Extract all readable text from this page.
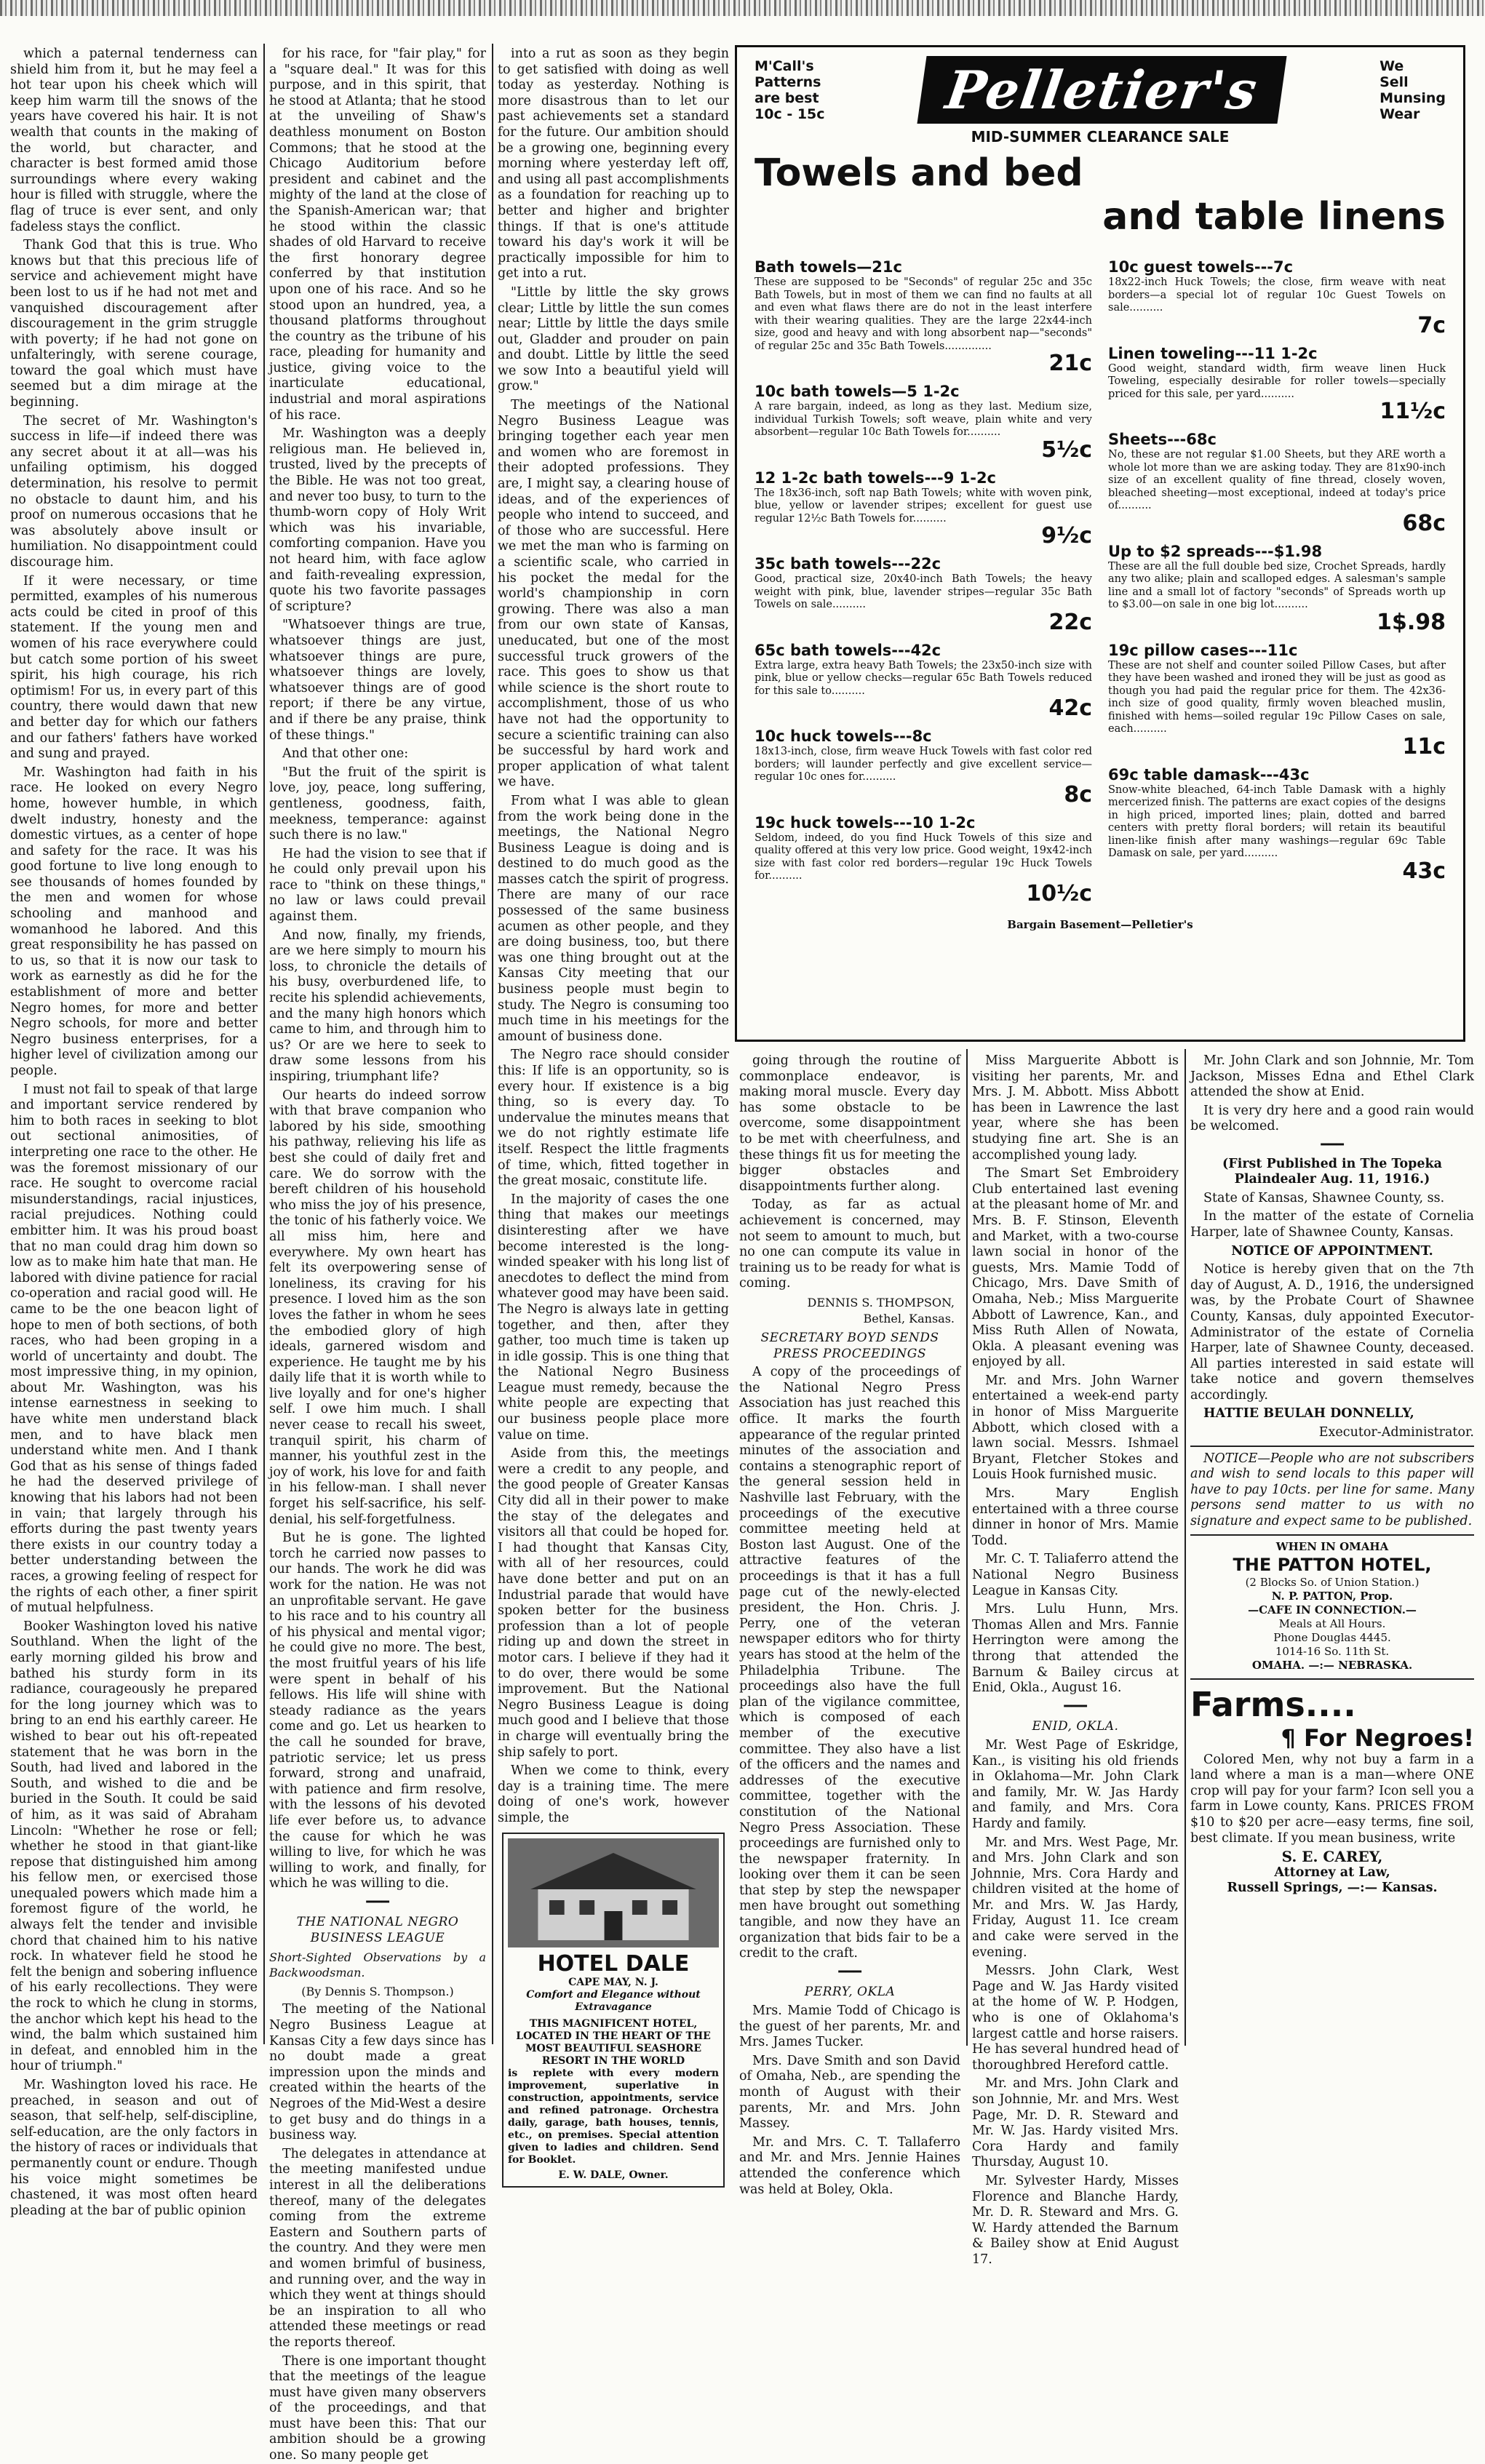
which a paternal tenderness can shield him from it, but he may feel a hot tear upon his cheek which will keep him warm till the snows of the years have covered his hair. It is not wealth that counts in the making of the world, but character, and character is best formed amid those surroundings where every waking hour is filled with struggle, where the flag of truce is ever sent, and only fadeless stays the conflict.

Thank God that this is true. Who knows but that this precious life of service and achievement might have been lost to us if he had not met and vanquished discouragement after discouragement in the grim struggle with poverty; if he had not gone on unfalteringly, with serene courage, toward the goal which must have seemed but a dim mirage at the beginning.

The secret of Mr. Washington's success in life—if indeed there was any secret about it at all—was his unfailing optimism, his dogged determination, his resolve to permit no obstacle to daunt him, and his proof on numerous occasions that he was absolutely above insult or humiliation. No disappointment could discourage him.

If it were necessary, or time permitted, examples of his numerous acts could be cited in proof of this statement. If the young men and women of his race everywhere could but catch some portion of his sweet spirit, his high courage, his rich optimism! For us, in every part of this country, there would dawn that new and better day for which our fathers and our fathers' fathers have worked and sung and prayed.

Mr. Washington had faith in his race. He looked on every Negro home, however humble, in which dwelt industry, honesty and the domestic virtues, as a center of hope and safety for the race. It was his good fortune to live long enough to see thousands of homes founded by the men and women for whose schooling and manhood and womanhood he labored. And this great responsibility he has passed on to us, so that it is now our task to work as earnestly as did he for the establishment of more and better Negro homes, for more and better Negro schools, for more and better Negro business enterprises, for a higher level of civilization among our people.

I must not fail to speak of that large and important service rendered by him to both races in seeking to blot out sectional animosities, of interpreting one race to the other. He was the foremost missionary of our race. He sought to overcome racial misunderstandings, racial injustices, racial prejudices. Nothing could embitter him. It was his proud boast that no man could drag him down so low as to make him hate that man. He labored with divine patience for racial co-operation and racial good will. He came to be the one beacon light of hope to men of both sections, of both races, who had been groping in a world of uncertainty and doubt. The most impressive thing, in my opinion, about Mr. Washington, was his intense earnestness in seeking to have white men understand black men, and to have black men understand white men. And I thank God that as his sense of things faded he had the deserved privilege of knowing that his labors had not been in vain; that largely through his efforts during the past twenty years there exists in our country today a better understanding between the races, a growing feeling of respect for the rights of each other, a finer spirit of mutual helpfulness.

Booker Washington loved his native Southland. When the light of the early morning gilded his brow and bathed his sturdy form in its radiance, courageously he prepared for the long journey which was to bring to an end his earthly career. He wished to bear out his oft-repeated statement that he was born in the South, had lived and labored in the South, and wished to die and be buried in the South. It could be said of him, as it was said of Abraham Lincoln: "Whether he rose or fell; whether he stood in that giant-like repose that distinguished him among his fellow men, or exercised those unequaled powers which made him a foremost figure of the world, he always felt the tender and invisible chord that chained him to his native rock. In whatever field he stood he felt the benign and sobering influence of his early recollections. They were the rock to which he clung in storms, the anchor which kept his head to the wind, the balm which sustained him in defeat, and ennobled him in the hour of triumph."

Mr. Washington loved his race. He preached, in season and out of season, that self-help, self-discipline, self-education, are the only factors in the history of races or individuals that permanently count or endure. Though his voice might sometimes be chastened, it was most often heard pleading at the bar of public opinion

for his race, for "fair play," for a "square deal." It was for this purpose, and in this spirit, that he stood at Atlanta; that he stood at the unveiling of Shaw's deathless monument on Boston Commons; that he stood at the Chicago Auditorium before president and cabinet and the mighty of the land at the close of the Spanish-American war; that he stood within the classic shades of old Harvard to receive the first honorary degree conferred by that institution upon one of his race. And so he stood upon an hundred, yea, a thousand platforms throughout the country as the tribune of his race, pleading for humanity and justice, giving voice to the inarticulate educational, industrial and moral aspirations of his race.

Mr. Washington was a deeply religious man. He believed in, trusted, lived by the precepts of the Bible. He was not too great, and never too busy, to turn to the thumb-worn copy of Holy Writ which was his invariable, comforting companion. Have you not heard him, with face aglow and faith-revealing expression, quote his two favorite passages of scripture?

"Whatsoever things are true, whatsoever things are just, whatsoever things are pure, whatsoever things are lovely, whatsoever things are of good report; if there be any virtue, and if there be any praise, think of these things."

And that other one:

"But the fruit of the spirit is love, joy, peace, long suffering, gentleness, goodness, faith, meekness, temperance: against such there is no law."

He had the vision to see that if he could only prevail upon his race to "think on these things," no law or laws could prevail against them.

And now, finally, my friends, are we here simply to mourn his loss, to chronicle the details of his busy, overburdened life, to recite his splendid achievements, and the many high honors which came to him, and through him to us? Or are we here to seek to draw some lessons from his inspiring, triumphant life?

Our hearts do indeed sorrow with that brave companion who labored by his side, smoothing his pathway, relieving his life as best she could of daily fret and care. We do sorrow with the bereft children of his household who miss the joy of his presence, the tonic of his fatherly voice. We all miss him, here and everywhere. My own heart has felt its overpowering sense of loneliness, its craving for his presence. I loved him as the son loves the father in whom he sees the embodied glory of high ideals, garnered wisdom and experience. He taught me by his daily life that it is worth while to live loyally and for one's higher self. I owe him much. I shall never cease to recall his sweet, tranquil spirit, his charm of manner, his youthful zest in the joy of work, his love for and faith in his fellow-man. I shall never forget his self-sacrifice, his self-denial, his self-forgetfulness.

But he is gone. The lighted torch he carried now passes to our hands. The work he did was work for the nation. He was not an unprofitable servant. He gave to his race and to his country all of his physical and mental vigor; he could give no more. The best, the most fruitful years of his life were spent in behalf of his fellows. His life will shine with steady radiance as the years come and go. Let us hearken to the call he sounded for brave, patriotic service; let us press forward, strong and unafraid, with patience and firm resolve, with the lessons of his devoted life ever before us, to advance the cause for which he was willing to live, for which he was willing to work, and finally, for which he was willing to die.

━━━
THE NATIONAL NEGRO BUSINESS LEAGUE
Short-Sighted Observations by a Backwoodsman.
(By Dennis S. Thompson.)

The meeting of the National Negro Business League at Kansas City a few days since has no doubt made a great impression upon the minds and created within the hearts of the Negroes of the Mid-West a desire to get busy and do things in a business way.

The delegates in attendance at the meeting manifested undue interest in all the deliberations thereof, many of the delegates coming from the extreme Eastern and Southern parts of the country. And they were men and women brimful of business, and running over, and the way in which they went at things should be an inspiration to all who attended these meetings or read the reports thereof.

There is one important thought that the meetings of the league must have given many observers of the proceedings, and that must have been this: That our ambition should be a growing one. So many people get

into a rut as soon as they begin to get satisfied with doing as well today as yesterday. Nothing is more disastrous than to let our past achievements set a standard for the future. Our ambition should be a growing one, beginning every morning where yesterday left off, and using all past accomplishments as a foundation for reaching up to better and higher and brighter things. If that is one's attitude toward his day's work it will be practically impossible for him to get into a rut.

"Little by little the sky grows clear; Little by little the sun comes near; Little by little the days smile out, Gladder and prouder on pain and doubt. Little by little the seed we sow Into a beautiful yield will grow."

The meetings of the National Negro Business League was bringing together each year men and women who are foremost in their adopted professions. They are, I might say, a clearing house of ideas, and of the experiences of people who intend to succeed, and of those who are successful. Here we met the man who is farming on a scientific scale, who carried in his pocket the medal for the world's championship in corn growing. There was also a man from our own state of Kansas, uneducated, but one of the most successful truck growers of the race. This goes to show us that while science is the short route to accomplishment, those of us who have not had the opportunity to secure a scientific training can also be successful by hard work and proper application of what talent we have.

From what I was able to glean from the work being done in the meetings, the National Negro Business League is doing and is destined to do much good as the masses catch the spirit of progress. There are many of our race possessed of the same business acumen as other people, and they are doing business, too, but there was one thing brought out at the Kansas City meeting that our business people must begin to study. The Negro is consuming too much time in his meetings for the amount of business done.

The Negro race should consider this: If life is an opportunity, so is every hour. If existence is a big thing, so is every day. To undervalue the minutes means that we do not rightly estimate life itself. Respect the little fragments of time, which, fitted together in the great mosaic, constitute life.

In the majority of cases the one thing that makes our meetings disinteresting after we have become interested is the long-winded speaker with his long list of anecdotes to deflect the mind from whatever good may have been said. The Negro is always late in getting together, and then, after they gather, too much time is taken up in idle gossip. This is one thing that the National Negro Business League must remedy, because the white people are expecting that our business people place more value on time.

Aside from this, the meetings were a credit to any people, and the good people of Greater Kansas City did all in their power to make the stay of the delegates and visitors all that could be hoped for. I had thought that Kansas City, with all of her resources, could have done better and put on an Industrial parade that would have spoken better for the business profession than a lot of people riding up and down the street in motor cars. I believe if they had it to do over, there would be some improvement. But the National Negro Business League is doing much good and I believe that those in charge will eventually bring the ship safely to port.

When we come to think, every day is a training time. The mere doing of one's work, however simple, the

HOTEL DALE
CAPE MAY, N. J.
Comfort and Elegance without Extravagance
THIS MAGNIFICENT HOTEL, LOCATED IN THE HEART OF THE MOST BEAUTIFUL SEASHORE RESORT IN THE WORLD
is replete with every modern improvement, superlative in construction, appointments, service and refined patronage. Orchestra daily, garage, bath houses, tennis, etc., on premises. Special attention given to ladies and children. Send for Booklet.
E. W. DALE, Owner.
M'Call's
Patterns
are best
10c - 15c	Pelletier's	We
Sell
Munsing
Wear
MID-SUMMER CLEARANCE SALE
Towels and bed
and table linens
Bath towels—21c
These are supposed to be "Seconds" of regular 25c and 35c Bath Towels, but in most of them we can find no faults at all and even what flaws there are do not in the least interfere with their wearing qualities. They are the large 22x44-inch size, good and heavy and with long absorbent nap—"seconds" of regular 25c and 35c Bath Towels..............
21c
10c bath towels—5 1-2c
A rare bargain, indeed, as long as they last. Medium size, individual Turkish Towels; soft weave, plain white and very absorbent—regular 10c Bath Towels for..........
5½c
12 1-2c bath towels---9 1-2c
The 18x36-inch, soft nap Bath Towels; white with woven pink, blue, yellow or lavender stripes; excellent for guest use regular 12½c Bath Towels for..........
9½c
35c bath towels---22c
Good, practical size, 20x40-inch Bath Towels; the heavy weight with pink, blue, lavender stripes—regular 35c Bath Towels on sale..........
22c
65c bath towels---42c
Extra large, extra heavy Bath Towels; the 23x50-inch size with pink, blue or yellow checks—regular 65c Bath Towels reduced for this sale to..........
42c
10c huck towels---8c
18x13-inch, close, firm weave Huck Towels with fast color red borders; will launder perfectly and give excellent service—regular 10c ones for..........
8c
19c huck towels---10 1-2c
Seldom, indeed, do you find Huck Towels of this size and quality offered at this very low price. Good weight, 19x42-inch size with fast color red borders—regular 19c Huck Towels for..........
10½c
10c guest towels---7c
18x22-inch Huck Towels; the close, firm weave with neat borders—a special lot of regular 10c Guest Towels on sale..........
7c
Linen toweling---11 1-2c
Good weight, standard width, firm weave linen Huck Toweling, especially desirable for roller towels—specially priced for this sale, per yard..........
11½c
Sheets---68c
No, these are not regular $1.00 Sheets, but they ARE worth a whole lot more than we are asking today. They are 81x90-inch size of an excellent quality of fine thread, closely woven, bleached sheeting—most exceptional, indeed at today's price of..........
68c
Up to $2 spreads---$1.98
These are all the full double bed size, Crochet Spreads, hardly any two alike; plain and scalloped edges. A salesman's sample line and a small lot of factory "seconds" of Spreads worth up to $3.00—on sale in one big lot..........
1$.98
19c pillow cases---11c
These are not shelf and counter soiled Pillow Cases, but after they have been washed and ironed they will be just as good as though you had paid the regular price for them. The 42x36-inch size of good quality, firmly woven bleached muslin, finished with hems—soiled regular 19c Pillow Cases on sale, each..........
11c
69c table damask---43c
Snow-white bleached, 64-inch Table Damask with a highly mercerized finish. The patterns are exact copies of the designs in high priced, imported lines; plain, dotted and barred centers with pretty floral borders; will retain its beautiful linen-like finish after many washings—regular 69c Table Damask on sale, per yard..........
43c
Bargain Basement—Pelletier's

going through the routine of commonplace endeavor, is making moral muscle. Every day has some obstacle to be overcome, some disappointment to be met with cheerfulness, and these things fit us for meeting the bigger obstacles and disappointments further along.

Today, as far as actual achievement is concerned, may not seem to amount to much, but no one can compute its value in training us to be ready for what is coming.

DENNIS S. THOMPSON,
Bethel, Kansas.
SECRETARY BOYD SENDS PRESS PROCEEDINGS

A copy of the proceedings of the National Negro Press Association has just reached this office. It marks the fourth appearance of the regular printed minutes of the association and contains a stenographic report of the general session held in Nashville last February, with the proceedings of the executive committee meeting held at Boston last August. One of the attractive features of the proceedings is that it has a full page cut of the newly-elected president, the Hon. Chris. J. Perry, one of the veteran newspaper editors who for thirty years has stood at the helm of the Philadelphia Tribune. The proceedings also have the full plan of the vigilance committee, which is composed of each member of the executive committee. They also have a list of the officers and the names and addresses of the executive committee, together with the constitution of the National Negro Press Association. These proceedings are furnished only to the newspaper fraternity. In looking over them it can be seen that step by step the newspaper men have brought out something tangible, and now they have an organization that bids fair to be a credit to the craft.

━━━
PERRY, OKLA

Mrs. Mamie Todd of Chicago is the guest of her parents, Mr. and Mrs. James Tucker.

Mrs. Dave Smith and son David of Omaha, Neb., are spending the month of August with their parents, Mr. and Mrs. John Massey.

Mr. and Mrs. C. T. Tallaferro and Mr. and Mrs. Jennie Haines attended the conference which was held at Boley, Okla.

Miss Marguerite Abbott is visiting her parents, Mr. and Mrs. J. M. Abbott. Miss Abbott has been in Lawrence the last year, where she has been studying fine art. She is an accomplished young lady.

The Smart Set Embroidery Club entertained last evening at the pleasant home of Mr. and Mrs. B. F. Stinson, Eleventh and Market, with a two-course lawn social in honor of the guests, Mrs. Mamie Todd of Chicago, Mrs. Dave Smith of Omaha, Neb.; Miss Marguerite Abbott of Lawrence, Kan., and Miss Ruth Allen of Nowata, Okla. A pleasant evening was enjoyed by all.

Mr. and Mrs. John Warner entertained a week-end party in honor of Miss Marguerite Abbott, which closed with a lawn social. Messrs. Ishmael Bryant, Fletcher Stokes and Louis Hook furnished music.

Mrs. Mary English entertained with a three course dinner in honor of Mrs. Mamie Todd.

Mr. C. T. Taliaferro attend the National Negro Business League in Kansas City.

Mrs. Lulu Hunn, Mrs. Thomas Allen and Mrs. Fannie Herrington were among the throng that attended the Barnum & Bailey circus at Enid, Okla., August 16.

━━━
ENID, OKLA.

Mr. West Page of Eskridge, Kan., is visiting his old friends in Oklahoma—Mr. John Clark and family, Mr. W. Jas Hardy and family, and Mrs. Cora Hardy and family.

Mr. and Mrs. West Page, Mr. and Mrs. John Clark and son Johnnie, Mrs. Cora Hardy and children visited at the home of Mr. and Mrs. W. Jas Hardy, Friday, August 11. Ice cream and cake were served in the evening.

Messrs. John Clark, West Page and W. Jas Hardy visited at the home of W. P. Hodgen, who is one of Oklahoma's largest cattle and horse raisers. He has several hundred head of thoroughbred Hereford cattle.

Mr. and Mrs. John Clark and son Johnnie, Mr. and Mrs. West Page, Mr. D. R. Steward and Mr. W. Jas. Hardy visited Mrs. Cora Hardy and family Thursday, August 10.

Mr. Sylvester Hardy, Misses Florence and Blanche Hardy, Mr. D. R. Steward and Mrs. G. W. Hardy attended the Barnum & Bailey show at Enid August 17.

Mr. John Clark and son Johnnie, Mr. Tom Jackson, Misses Edna and Ethel Clark attended the show at Enid.

It is very dry here and a good rain would be welcomed.

━━━

(First Published in The Topeka Plaindealer Aug. 11, 1916.)

State of Kansas, Shawnee County, ss.

In the matter of the estate of Cornelia Harper, late of Shawnee County, Kansas.

NOTICE OF APPOINTMENT.

Notice is hereby given that on the 7th day of August, A. D., 1916, the undersigned was, by the Probate Court of Shawnee County, Kansas, duly appointed Executor-Administrator of the estate of Cornelia Harper, late of Shawnee County, deceased. All parties interested in said estate will take notice and govern themselves accordingly.

HATTIE BEULAH DONNELLY,

Executor-Administrator.

NOTICE—People who are not subscribers and wish to send locals to this paper will have to pay 10cts. per line for same. Many persons send matter to us with no signature and expect same to be published.

WHEN IN OMAHA
THE PATTON HOTEL,
(2 Blocks So. of Union Station.)
N. P. PATTON, Prop.
—CAFE IN CONNECTION.—
Meals at All Hours.
Phone Douglas 4445.
1014-16 So. 11th St.
OMAHA. —:— NEBRASKA.
Farms....
¶ For Negroes!

Colored Men, why not buy a farm in a land where a man is a man—where ONE crop will pay for your farm? Icon sell you a farm in Lowe county, Kans. PRICES FROM $10 to $20 per acre—easy terms, fine soil, best climate. If you mean business, write

S. E. CAREY,
Attorney at Law,
Russell Springs, —:— Kansas.
